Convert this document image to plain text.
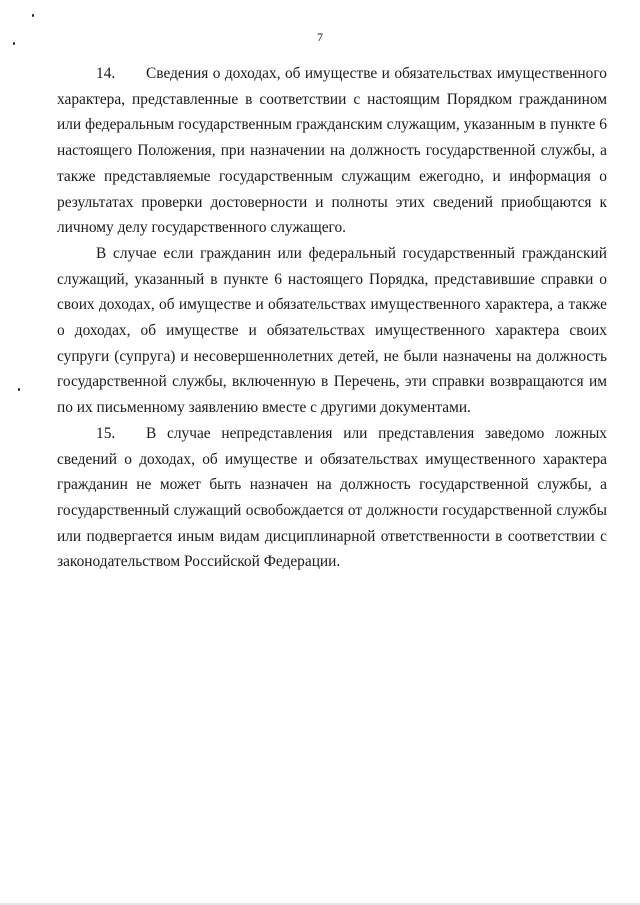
7

14. Сведения о доходах, об имуществе и обязательствах имущественного характера, представленные в соответствии с настоящим Порядком гражданином или федеральным государственным гражданским служащим, указанным в пункте 6 настоящего Положения, при назначении на должность государственной службы, а также представляемые государственным служащим ежегодно, и информация о результатах проверки достоверности и полноты этих сведений приобщаются к личному делу государственного служащего.

В случае если гражданин или федеральный государственный гражданский служащий, указанный в пункте 6 настоящего Порядка, представившие справки о своих доходах, об имуществе и обязательствах имущественного характера, а также о доходах, об имуществе и обязательствах имущественного характера своих супруги (супруга) и несовершеннолетних детей, не были назначены на должность государственной службы, включенную в Перечень, эти справки возвращаются им по их письменному заявлению вместе с другими документами.

15. В случае непредставления или представления заведомо ложных сведений о доходах, об имуществе и обязательствах имущественного характера гражданин не может быть назначен на должность государственной службы, а государственный служащий освобождается от должности государственной службы или подвергается иным видам дисциплинарной ответственности в соответствии с законодательством Российской Федерации.
